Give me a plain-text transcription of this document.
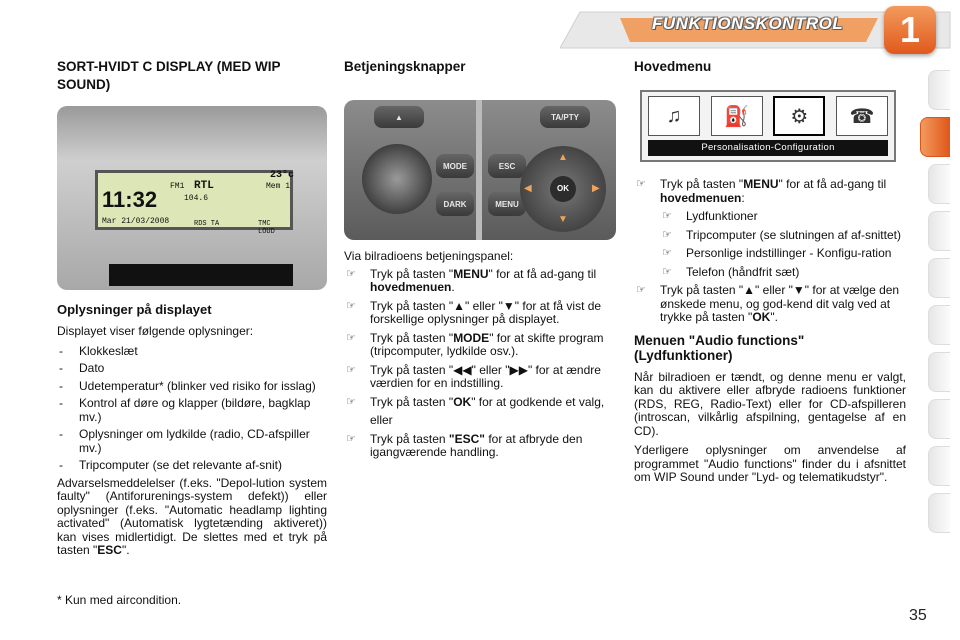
FUNKTIONSKONTROL	1
SORT-HVIDT C DISPLAY (MED WIP SOUND)
11:32
FM1 RTL	Mem 1
23°c
104.6
Mar 21/03/2008	RDS TA	TMC LOUD
Oplysninger på displayet

Displayet viser følgende oplysninger:

- Klokkeslæt
- Dato
- Udetemperatur* (blinker ved risiko for isslag)
- Kontrol af døre og klapper (bildøre, bagklap mv.)
- Oplysninger om lydkilde (radio, CD-afspiller mv.)
- Tripcomputer (se det relevante af-snit)

Advarselsmeddelelser (f.eks. "Depol-lution system faulty" (Antiforurenings-system defekt)) eller oplysninger (f.eks. "Automatic headlamp lighting activated" (Automatisk lygtetænding aktiveret)) kan vises midlertidigt. De slettes med et tryk på tasten "ESC".

Betjeningsknapper
▲	TA/PTY
MODE	ESC
DARK	MENU
▲
▼
◀	▶
OK

Via bilradioens betjeningspanel:

☞ Tryk på tasten "MENU" for at få ad-gang til hovedmenuen.
☞ Tryk på tasten "▲" eller "▼" for at få vist de forskellige oplysninger på displayet.
☞ Tryk på tasten "MODE" for at skifte program (tripcomputer, lydkilde osv.).
☞ Tryk på tasten "◀◀" eller "▶▶" for at ændre værdien for en indstilling.
☞ Tryk på tasten "OK" for at godkende et valg,
eller
☞ Tryk på tasten "ESC" for at afbryde den igangværende handling.
Hovedmenu
♫	⛽	⚙	☎
Personalisation-Configuration
☞ Tryk på tasten "MENU" for at få ad-gang til hovedmenuen:
☞ Lydfunktioner
☞ Tripcomputer (se slutningen af af-snittet)
☞ Personlige indstillinger - Konfigu-ration
☞ Telefon (håndfrit sæt)
☞ Tryk på tasten "▲" eller "▼" for at vælge den ønskede menu, og god-kend dit valg ved at trykke på tasten "OK".
Menuen "Audio functions" (Lydfunktioner)

Når bilradioen er tændt, og denne menu er valgt, kan du aktivere eller afbryde radioens funktioner (RDS, REG, Radio-Text) eller for CD-afspilleren (introscan, vilkårlig afspilning, gentagelse af en CD).

Yderligere oplysninger om anvendelse af programmet "Audio functions" finder du i afsnittet om WIP Sound under "Lyd- og telematikudstyr".

* Kun med aircondition.
35
